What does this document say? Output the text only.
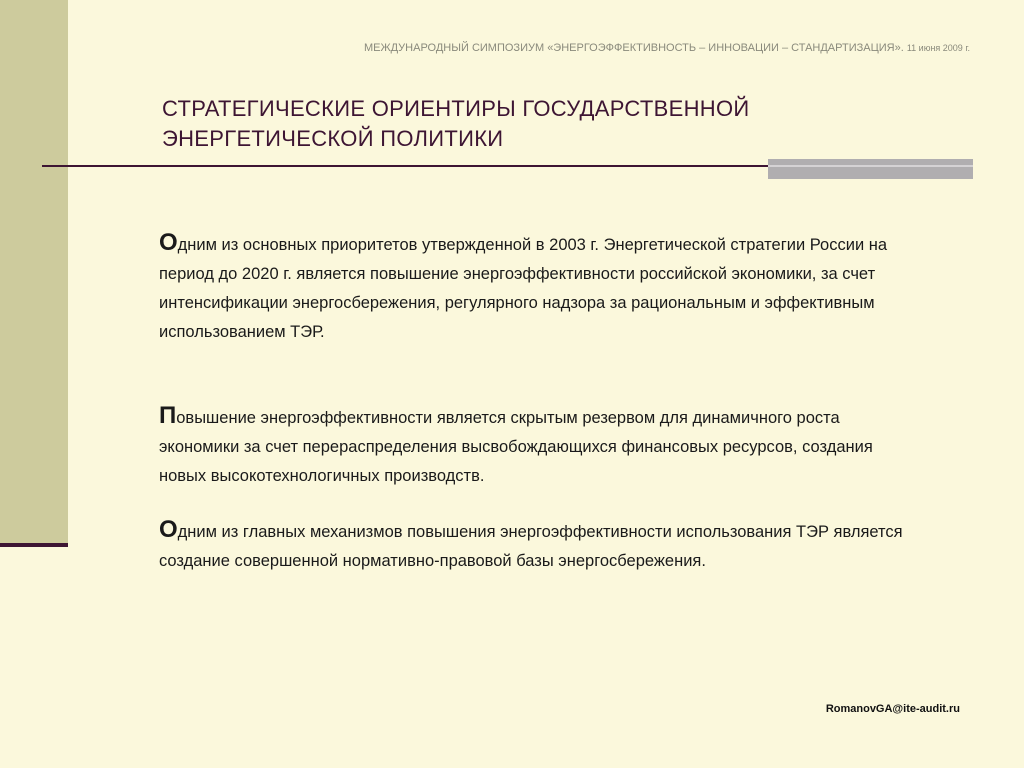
МЕЖДУНАРОДНЫЙ СИМПОЗИУМ «ЭНЕРГОЭФФЕКТИВНОСТЬ – ИННОВАЦИИ – СТАНДАРТИЗАЦИЯ». 11 июня 2009 г.
СТРАТЕГИЧЕСКИЕ ОРИЕНТИРЫ ГОСУДАРСТВЕННОЙ
ЭНЕРГЕТИЧЕСКОЙ ПОЛИТИКИ

Одним из основных приоритетов утвержденной в 2003 г. Энергетической стратегии России на период до 2020 г. является повышение энергоэффективности российской экономики, за счет интенсификации энергосбережения, регулярного надзора за рациональным и эффективным использованием ТЭР.

Повышение энергоэффективности является скрытым резервом для динамичного роста экономики за счет перераспределения высвобождающихся финансовых ресурсов, создания новых высокотехнологичных производств.

Одним из главных механизмов повышения энергоэффективности использования ТЭР является создание совершенной нормативно-правовой базы энергосбережения.

RomanovGA@ite-audit.ru
